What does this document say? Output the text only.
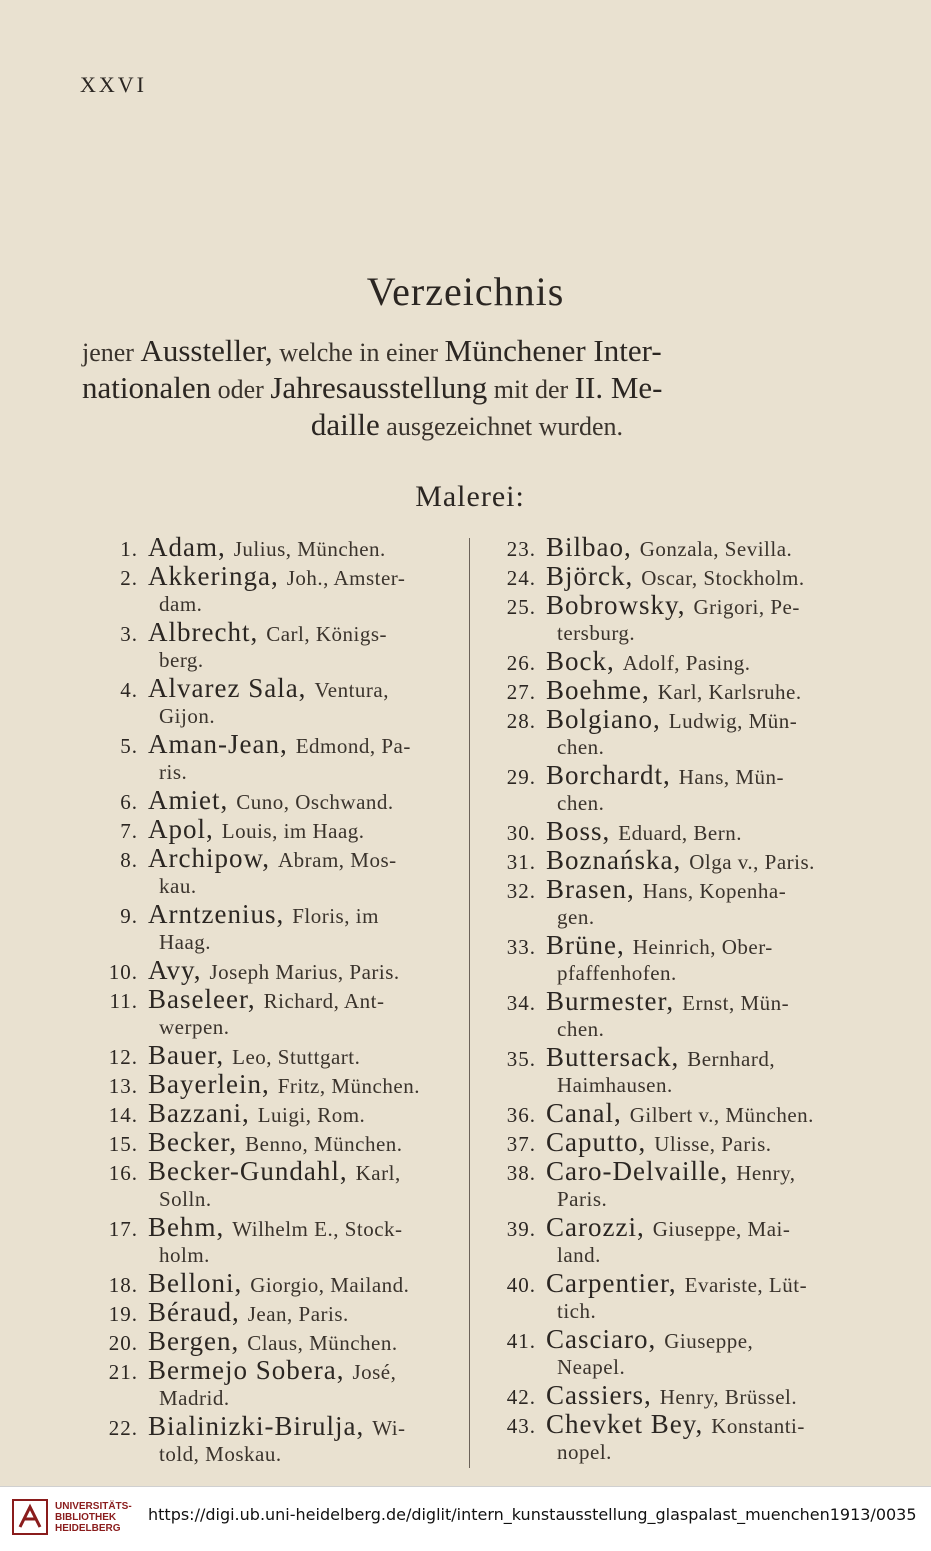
XXVI
Verzeichnis
jener Aussteller, welche in einer Münchener Inter-
nationalen oder Jahresausstellung mit der II. Me-
daille ausgezeichnet wurden.
Malerei:
1. Adam, Julius, München.
2. Akkeringa, Joh., Amster-
dam.
3. Albrecht, Carl, Königs-
berg.
4. Alvarez Sala, Ventura,
Gijon.
5. Aman-Jean, Edmond, Pa-
ris.
6. Amiet, Cuno, Oschwand.
7. Apol, Louis, im Haag.
8. Archipow, Abram, Mos-
kau.
9. Arntzenius, Floris, im
Haag.
10. Avy, Joseph Marius, Paris.
11. Baseleer, Richard, Ant-
werpen.
12. Bauer, Leo, Stuttgart.
13. Bayerlein, Fritz, München.
14. Bazzani, Luigi, Rom.
15. Becker, Benno, München.
16. Becker-Gundahl, Karl,
Solln.
17. Behm, Wilhelm E., Stock-
holm.
18. Belloni, Giorgio, Mailand.
19. Béraud, Jean, Paris.
20. Bergen, Claus, München.
21. Bermejo Sobera, José,
Madrid.
22. Bialinizki-Birulja, Wi-
told, Moskau.
23. Bilbao, Gonzala, Sevilla.
24. Björck, Oscar, Stockholm.
25. Bobrowsky, Grigori, Pe-
tersburg.
26. Bock, Adolf, Pasing.
27. Boehme, Karl, Karlsruhe.
28. Bolgiano, Ludwig, Mün-
chen.
29. Borchardt, Hans, Mün-
chen.
30. Boss, Eduard, Bern.
31. Boznańska, Olga v., Paris.
32. Brasen, Hans, Kopenha-
gen.
33. Brüne, Heinrich, Ober-
pfaffenhofen.
34. Burmester, Ernst, Mün-
chen.
35. Buttersack, Bernhard,
Haimhausen.
36. Canal, Gilbert v., München.
37. Caputto, Ulisse, Paris.
38. Caro-Delvaille, Henry,
Paris.
39. Carozzi, Giuseppe, Mai-
land.
40. Carpentier, Evariste, Lüt-
tich.
41. Casciaro, Giuseppe,
Neapel.
42. Cassiers, Henry, Brüssel.
43. Chevket Bey, Konstanti-
nopel.
UNIVERSITÄTS-
BIBLIOTHEK
HEIDELBERG
https://digi.ub.uni-heidelberg.de/diglit/intern_kunstausstellung_glaspalast_muenchen1913/0035
